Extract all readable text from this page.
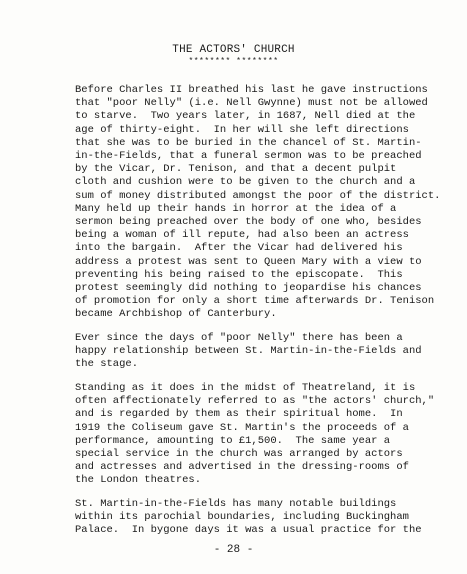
THE ACTORS' CHURCH
******** ********
Before Charles II breathed his last he gave instructions
that "poor Nelly" (i.e. Nell Gwynne) must not be allowed
to starve.  Two years later, in 1687, Nell died at the
age of thirty-eight.  In her will she left directions
that she was to be buried in the chancel of St. Martin-
in-the-Fields, that a funeral sermon was to be preached
by the Vicar, Dr. Tenison, and that a decent pulpit
cloth and cushion were to be given to the church and a
sum of money distributed amongst the poor of the district.
Many held up their hands in horror at the idea of a
sermon being preached over the body of one who, besides
being a woman of ill repute, had also been an actress
into the bargain.  After the Vicar had delivered his
address a protest was sent to Queen Mary with a view to
preventing his being raised to the episcopate.  This
protest seemingly did nothing to jeopardise his chances
of promotion for only a short time afterwards Dr. Tenison
became Archbishop of Canterbury.
Ever since the days of "poor Nelly" there has been a
happy relationship between St. Martin-in-the-Fields and
the stage.
Standing as it does in the midst of Theatreland, it is
often affectionately referred to as "the actors' church,"
and is regarded by them as their spiritual home.  In
1919 the Coliseum gave St. Martin's the proceeds of a
performance, amounting to £1,500.  The same year a
special service in the church was arranged by actors
and actresses and advertised in the dressing-rooms of
the London theatres.
St. Martin-in-the-Fields has many notable buildings
within its parochial boundaries, including Buckingham
Palace.  In bygone days it was a usual practice for the
- 28 -
